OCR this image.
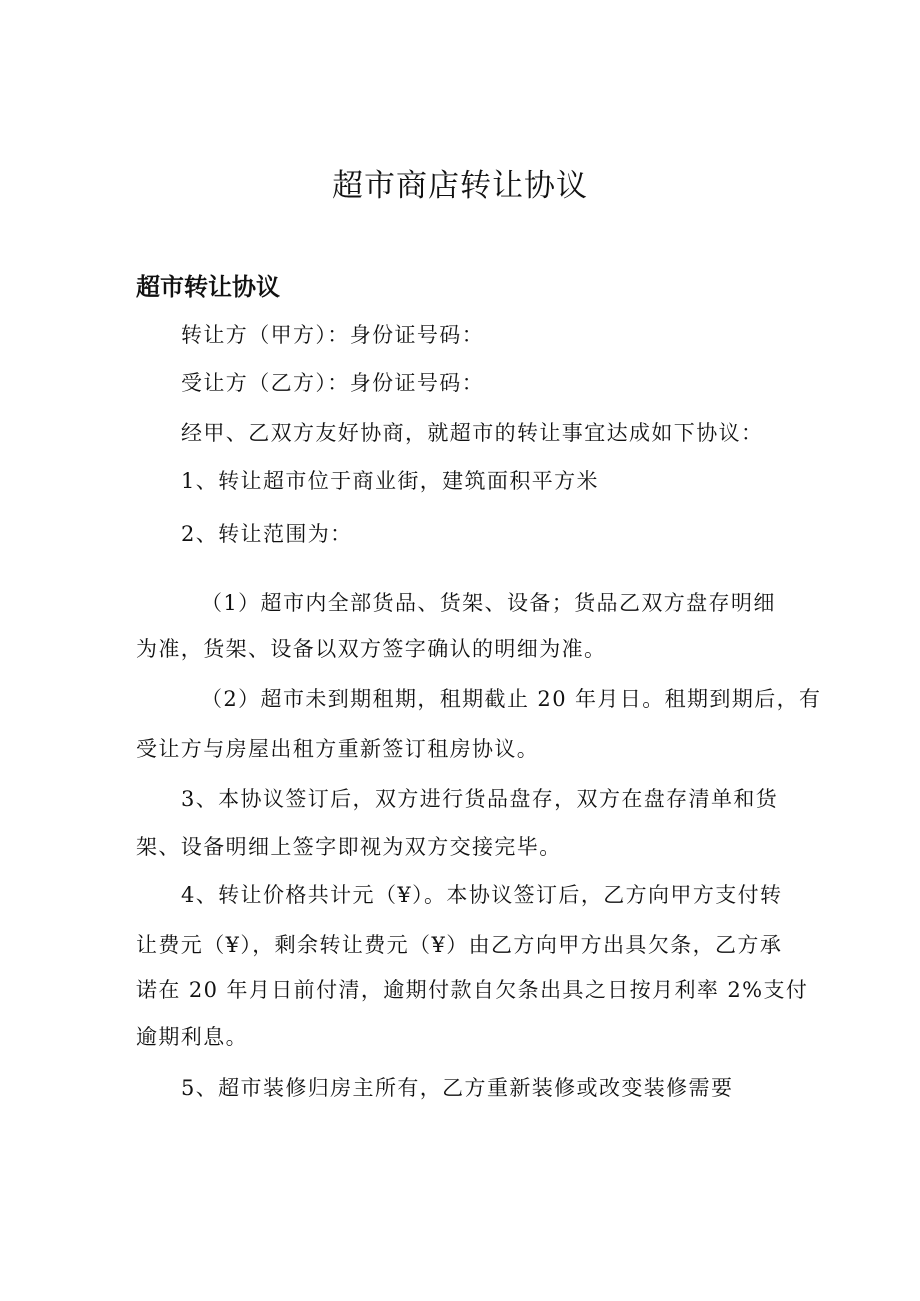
超市商店转让协议
超市转让协议
转让方（甲方）：身份证号码：
受让方（乙方）：身份证号码：
经甲、乙双方友好协商，就超市的转让事宜达成如下协议：
1、转让超市位于商业街，建筑面积平方米
2、转让范围为：
（1）超市内全部货品、货架、设备；货品乙双方盘存明细
为准，货架、设备以双方签字确认的明细为准。
（2）超市未到期租期，租期截止 20 年月日。租期到期后，有
受让方与房屋出租方重新签订租房协议。
3、本协议签订后，双方进行货品盘存，双方在盘存清单和货
架、设备明细上签字即视为双方交接完毕。
4、转让价格共计元（¥）。本协议签订后，乙方向甲方支付转
让费元（¥），剩余转让费元（¥）由乙方向甲方出具欠条，乙方承
诺在 20 年月日前付清，逾期付款自欠条出具之日按月利率 2%支付
逾期利息。
5、超市装修归房主所有，乙方重新装修或改变装修需要
